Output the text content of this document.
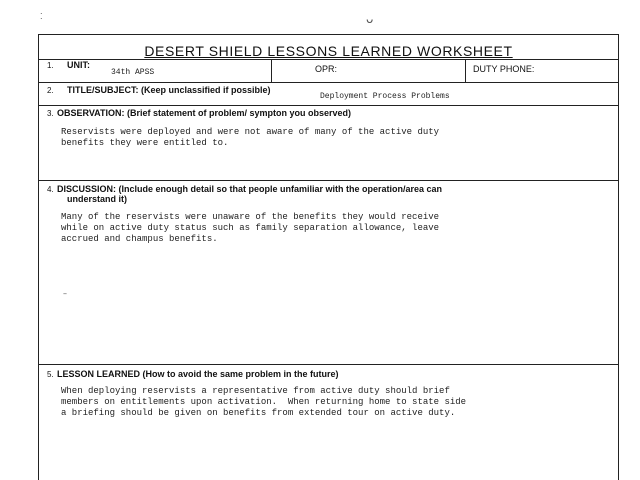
⁚	ᴗ
DESERT SHIELD LESSONS LEARNED WORKSHEET
1. UNIT:
34th APSS	OPR:	DUTY PHONE:
2. TITLE/SUBJECT: (Keep unclassified if possible)
Deployment Process Problems
3. OBSERVATION: (Brief statement of problem/ sympton you observed)
Reservists were deployed and were not aware of many of the active duty
benefits they were entitled to.
4. DISCUSSION: (Include enough detail so that people unfamiliar with the operation/area can
understand it)
Many of the reservists were unaware of the benefits they would receive
while on active duty status such as family separation allowance, leave
accrued and champus benefits.
–
5. LESSON LEARNED (How to avoid the same problem in the future)
When deploying reservists a representative from active duty should brief
members on entitlements upon activation.  When returning home to state side
a briefing should be given on benefits from extended tour on active duty.
